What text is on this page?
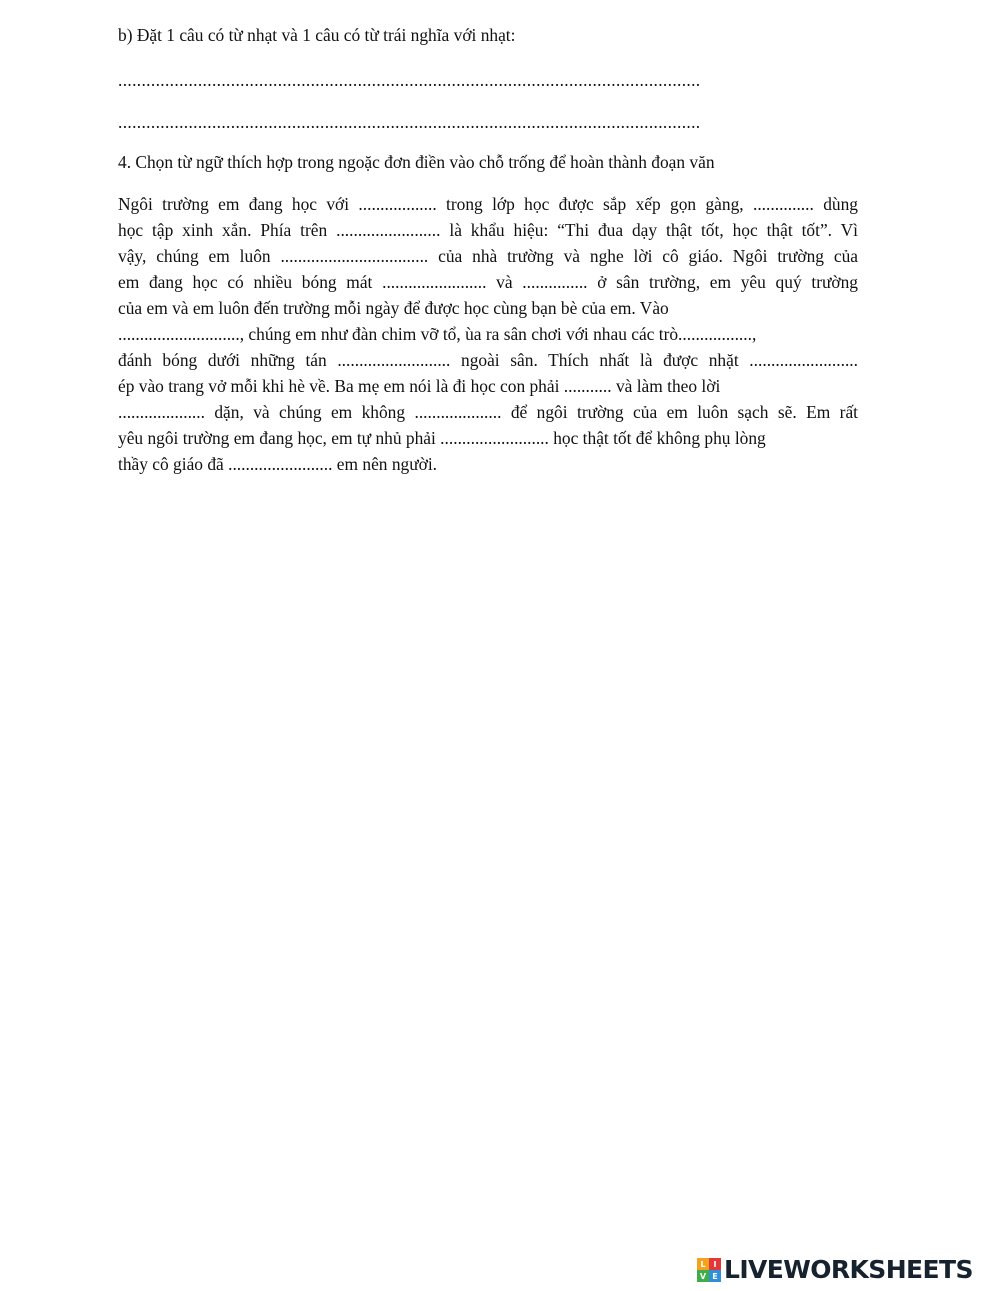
b) Đặt 1 câu có từ nhạt và 1 câu có từ trái nghĩa với nhạt:
............................................................................................................................
............................................................................................................................
4. Chọn từ ngữ thích hợp trong ngoặc đơn điền vào chỗ trống để hoàn thành đoạn văn
Ngôi trường em đang học với .................. trong lớp học được sắp xếp gọn gàng, .............. dùng
học tập xinh xắn. Phía trên ........................ là khẩu hiệu: “Thi đua dạy thật tốt, học thật tốt”. Vì
vậy, chúng em luôn .................................. của nhà trường và nghe lời cô giáo. Ngôi trường của
em đang học có nhiều bóng mát ........................ và ............... ở sân trường, em yêu quý trường
của em và em luôn đến trường mỗi ngày để được học cùng bạn bè của em. Vào
............................, chúng em như đàn chim vỡ tổ, ùa ra sân chơi với nhau các trò.................,
đánh bóng dưới những tán .......................... ngoài sân. Thích nhất là được nhặt .........................
ép vào trang vở mỗi khi hè về. Ba mẹ em nói là đi học con phải ........... và làm theo lời
.................... dặn, và chúng em không .................... để ngôi trường của em luôn sạch sẽ. Em rất
yêu ngôi trường em đang học, em tự nhủ phải ......................... học thật tốt để không phụ lòng
thầy cô giáo đã ........................ em nên người.
L I
V E LIVEWORKSHEETS
